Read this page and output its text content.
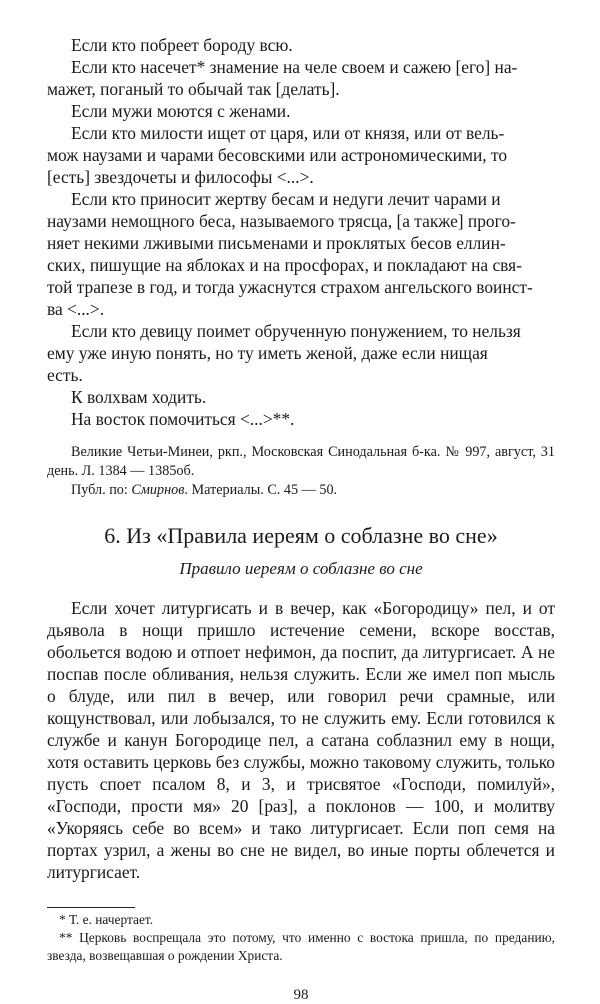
Если кто побреет бороду всю.

Если кто насечет* знамение на челе своем и сажею [его] на-

мажет, поганый то обычай так [делать].

Если мужи моются с женами.

Если кто милости ищет от царя, или от князя, или от вель-

мож наузами и чарами бесовскими или астрономическими, то

[есть] звездочеты и философы <...>.

Если кто приносит жертву бесам и недуги лечит чарами и

наузами немощного беса, называемого трясца, [а также] прого-

няет некими лживыми письменами и проклятых бесов еллин-

ских, пишущие на яблоках и на просфорах, и покладают на свя-

той трапезе в год, и тогда ужаснутся страхом ангельского воинст-

ва <...>.

Если кто девицу поимет обрученную понужением, то нельзя

ему уже иную понять, но ту иметь женой, даже если нищая

есть.

К волхвам ходить.

На восток помочиться <...>**.

Великие Четьи-Минеи, ркп., Московская Синодальная б-ка. № 997, август, 31 день. Л. 1384 — 1385об.

Публ. по: Смирнов. Материалы. С. 45 — 50.

6. Из «Правила иереям о соблазне во сне»

Правило иереям о соблазне во сне

Если хочет литургисать и в вечер, как «Богородицу» пел, и от дьявола в нощи пришло истечение семени, вскоре восстав, обольется водою и отпоет нефимон, да поспит, да литургисает. А не поспав после обливания, нельзя служить. Если же имел поп мысль о блуде, или пил в вечер, или говорил речи срамные, или кощунствовал, или лобызался, то не служить ему. Если готовился к службе и канун Богородице пел, а сатана соблазнил ему в нощи, хотя оставить церковь без службы, можно таковому служить, только пусть споет псалом 8, и 3, и трисвятое «Господи, помилуй», «Господи, прости мя» 20 [раз], а поклонов — 100, и молитву «Укоряясь себе во всем» и тако литургисает. Если поп семя на портах узрил, а жены во сне не видел, во иные порты облечется и литургисает.

* Т. е. начертает.

** Церковь воспрещала это потому, что именно с востока пришла, по преданию, звезда, возвещавшая о рождении Христа.

98
